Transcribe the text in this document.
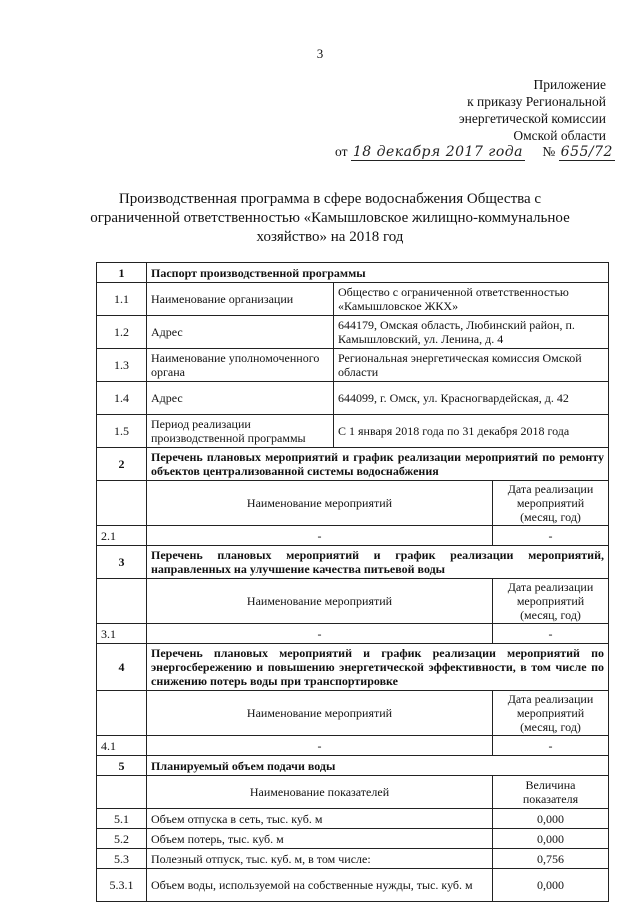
3
Приложение
к приказу Региональной
энергетической комиссии
Омской области
от 18 декабря 2017 года № 655/72
Производственная программа в сфере водоснабжения Общества с ограниченной ответственностью «Камышловское жилищно-коммунальное хозяйство» на 2018 год
1	Паспорт производственной программы		
1.1	Наименование организации	Общество с ограниченной ответственностью «Камышловское ЖКХ»	
1.2	Адрес	644179, Омская область, Любинский район, п. Камышловский, ул. Ленина, д. 4	
1.3	Наименование уполномоченного органа	Региональная энергетическая комиссия Омской области	
1.4	Адрес	644099, г. Омск, ул. Красногвардейская, д. 42	
1.5	Период реализации производственной программы	С 1 января 2018 года по 31 декабря 2018 года	
2	Перечень плановых мероприятий и график реализации мероприятий по ремонту объектов централизованной системы водоснабжения		
	Наименование мероприятий		Дата реализации мероприятий (месяц, год)
2.1	-		-
3	Перечень плановых мероприятий и график реализации мероприятий, направленных на улучшение качества питьевой воды		
	Наименование мероприятий		Дата реализации мероприятий (месяц, год)
3.1	-		-
4	Перечень плановых мероприятий и график реализации мероприятий по энергосбережению и повышению энергетической эффективности, в том числе по снижению потерь воды при транспортировке		
	Наименование мероприятий		Дата реализации мероприятий (месяц, год)
4.1	-		-
5	Планируемый объем подачи воды		
	Наименование показателей		Величина показателя
5.1	Объем отпуска в сеть, тыс. куб. м		0,000
5.2	Объем потерь, тыс. куб. м		0,000
5.3	Полезный отпуск, тыс. куб. м, в том числе:		0,756
5.3.1	Объем воды, используемой на собственные нужды, тыс. куб. м		0,000
